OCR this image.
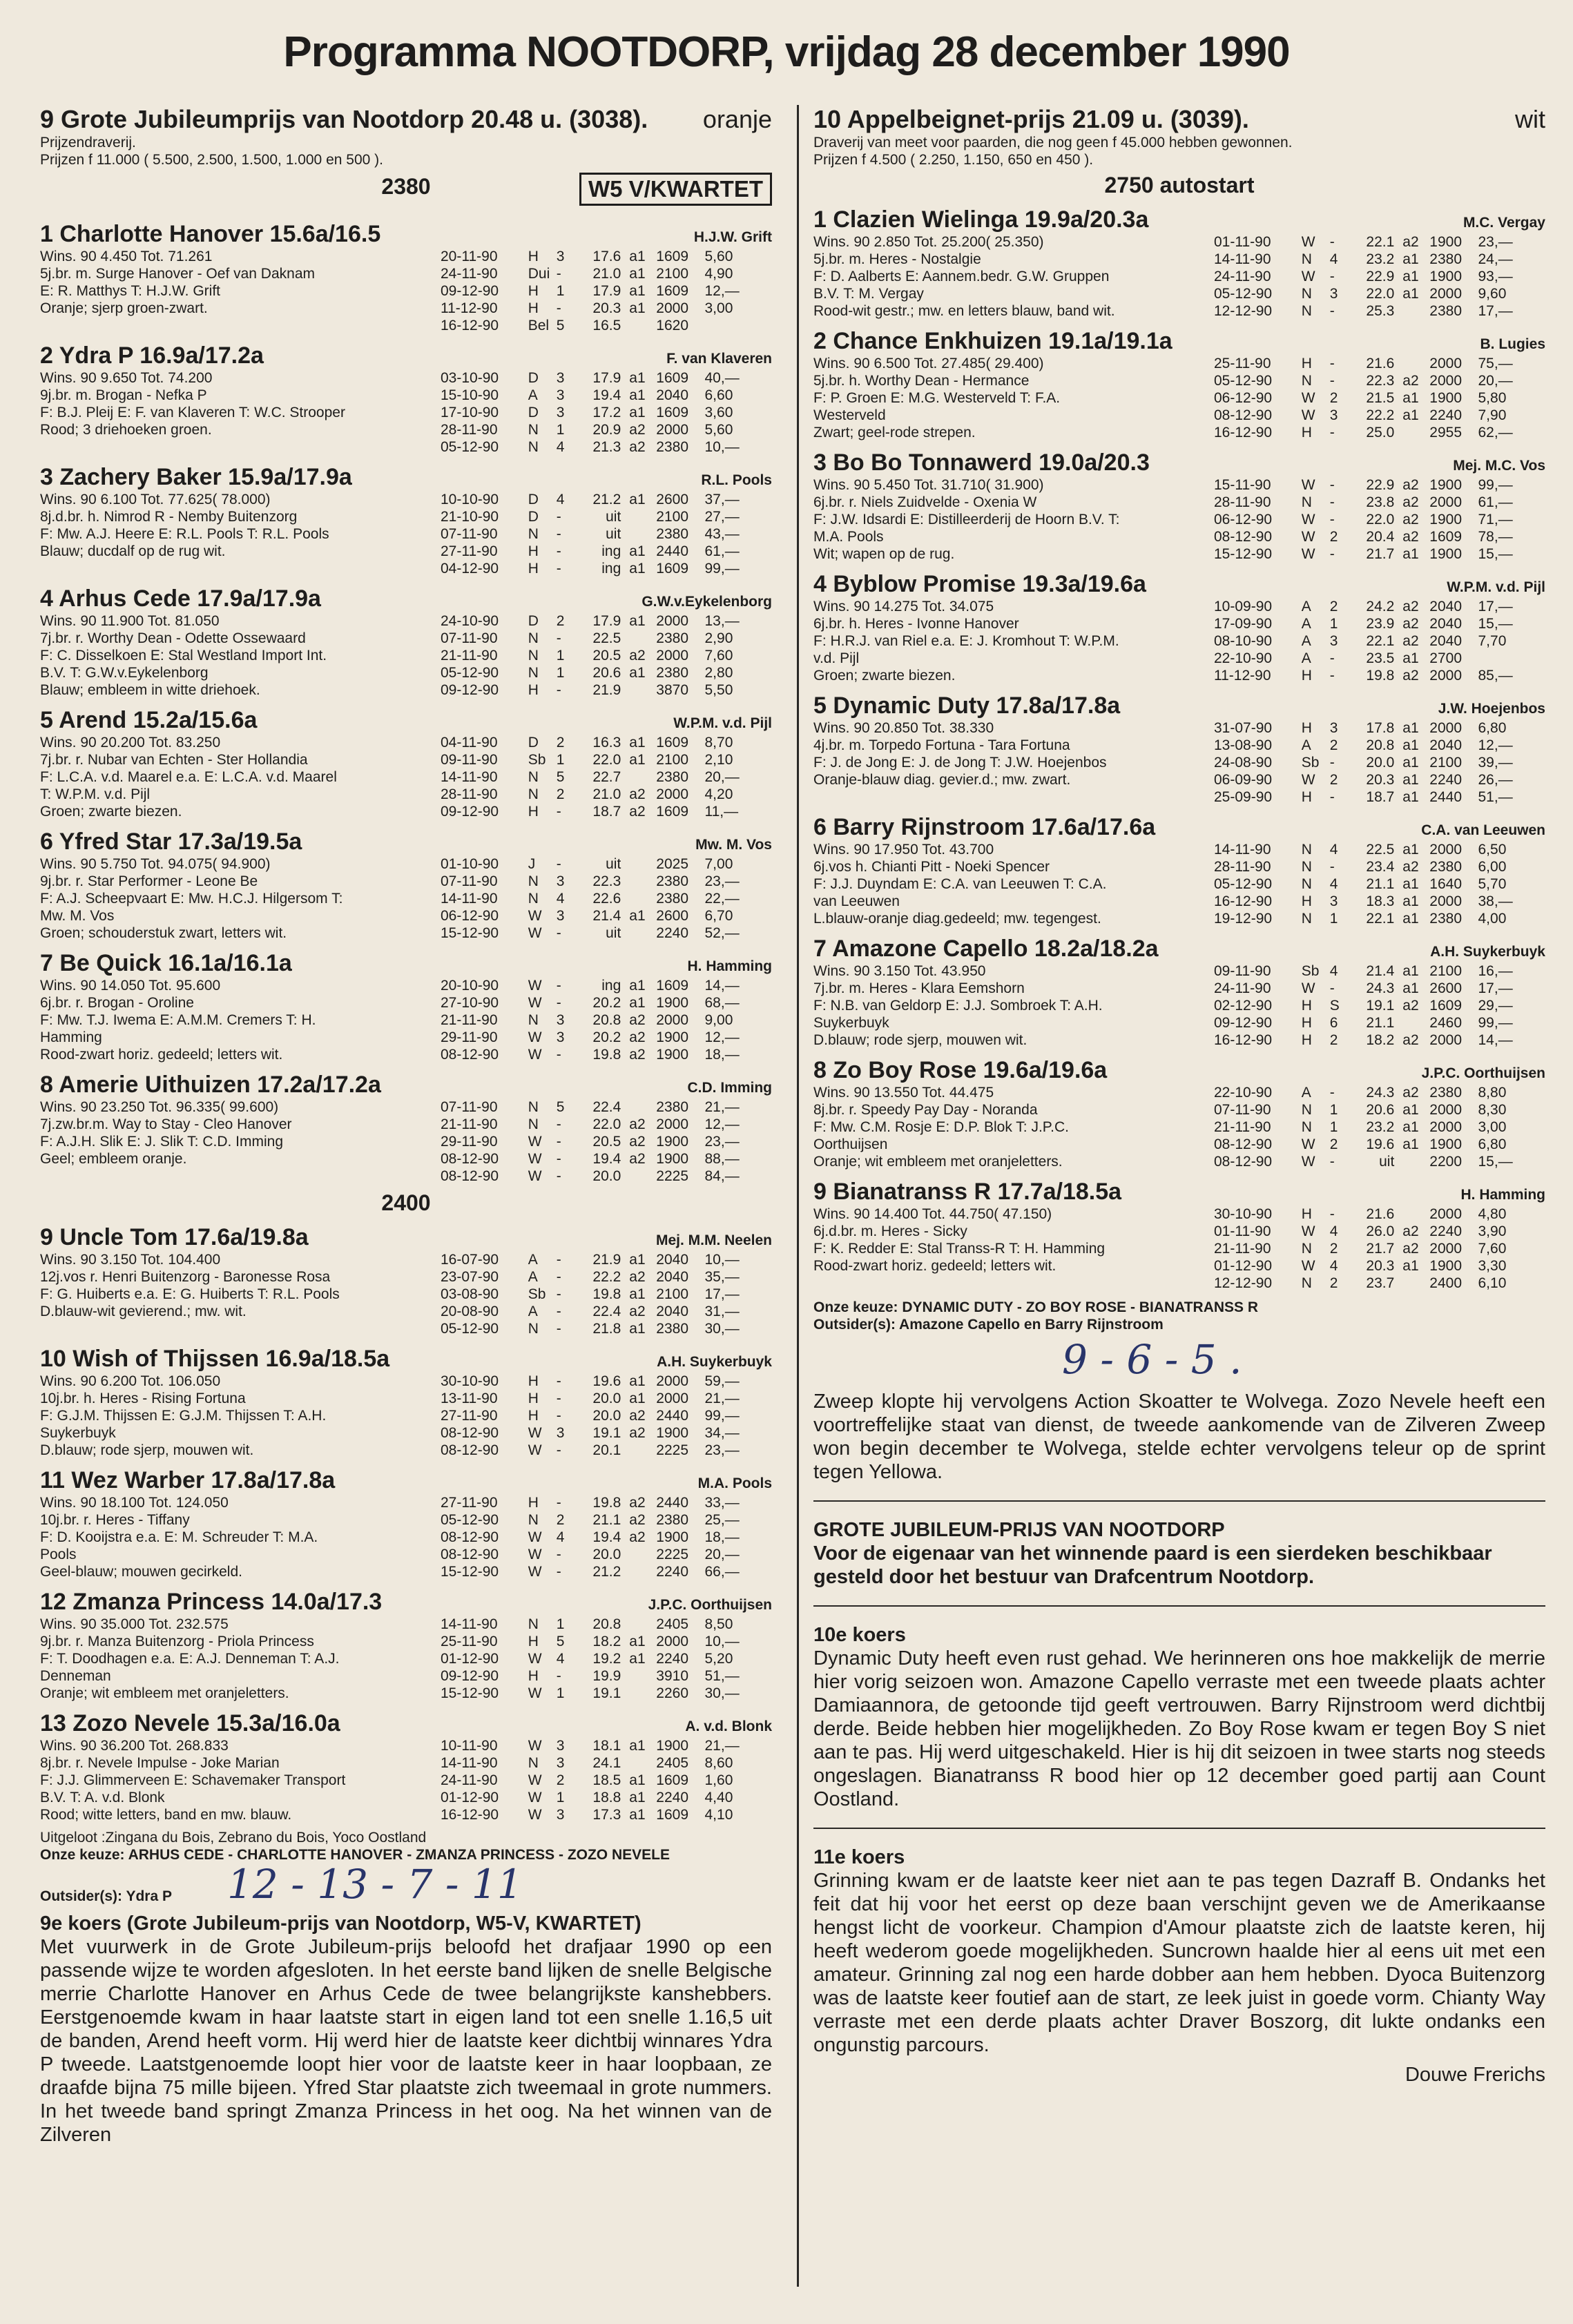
Programma NOOTDORP, vrijdag 28 december 1990
9 Grote Jubileumprijs van Nootdorp 20.48 u. (3038). oranje
Prijzendraverij.
Prijzen f 11.000 ( 5.500, 2.500, 1.500, 1.000 en 500 ).
2380	W5 V/KWARTET
1 Charlotte Hanover 15.6a/16.5	H.J.W. Grift
Wins. 90 4.450 Tot. 71.261
5j.br. m. Surge Hanover - Oef van Daknam
E: R. Matthys T: H.J.W. Grift
Oranje; sjerp groen-zwart.
20-11-90	H	3	17.6 a1 1609	5,60
24-11-90	Dui -	21.0 a1 2100	4,90
09-12-90	H	1	17.9 a1 1609	12,—
11-12-90	H	-	20.3 a1 2000	3,00
16-12-90	Bel 5	16.5	1620
2 Ydra P 16.9a/17.2a	F. van Klaveren
Wins. 90 9.650 Tot. 74.200
9j.br. m. Brogan - Nefka P
F: B.J. Pleij E: F. van Klaveren T: W.C. Strooper
Rood; 3 driehoeken groen.
03-10-90	D	3	17.9 a1 1609	40,—
15-10-90	A	3	19.4 a1 2040	6,60
17-10-90	D	3	17.2 a1 1609	3,60
28-11-90	N	1	20.9 a2 2000	5,60
05-12-90	N	4	21.3 a2 2380	10,—
3 Zachery Baker 15.9a/17.9a	R.L. Pools
Wins. 90 6.100 Tot. 77.625( 78.000)
8j.d.br. h. Nimrod R - Nemby Buitenzorg
F: Mw. A.J. Heere E: R.L. Pools T: R.L. Pools
Blauw; ducdalf op de rug wit.
10-10-90	D	4	21.2 a1 2600	37,—
21-10-90	D	-	uit	2100	27,—
07-11-90	N	-	uit	2380	43,—
27-11-90	H	-	ing a1 2440	61,—
04-12-90	H	-	ing a1 1609	99,—
4 Arhus Cede 17.9a/17.9a	G.W.v.Eykelenborg
Wins. 90 11.900 Tot. 81.050
7j.br. r. Worthy Dean - Odette Ossewaard
F: C. Disselkoen E: Stal Westland Import Int.
B.V. T: G.W.v.Eykelenborg
Blauw; embleem in witte driehoek.
24-10-90	D	2	17.9 a1 2000	13,—
07-11-90	N	-	22.5	2380	2,90
21-11-90	N	1	20.5 a2 2000	7,60
05-12-90	N	1	20.6 a1 2380	2,80
09-12-90	H	-	21.9	3870	5,50
5 Arend 15.2a/15.6a	W.P.M. v.d. Pijl
Wins. 90 20.200 Tot. 83.250
7j.br. r. Nubar van Echten - Ster Hollandia
F: L.C.A. v.d. Maarel e.a. E: L.C.A. v.d. Maarel
T: W.P.M. v.d. Pijl
Groen; zwarte biezen.
04-11-90	D	2	16.3 a1 1609	8,70
09-11-90	Sb 1	22.0 a1 2100	2,10
14-11-90	N	5	22.7	2380	20,—
28-11-90	N	2	21.0 a2 2000	4,20
09-12-90	H	-	18.7 a2 1609	11,—
6 Yfred Star 17.3a/19.5a	Mw. M. Vos
Wins. 90 5.750 Tot. 94.075( 94.900)
9j.br. r. Star Performer - Leone Be
F: A.J. Scheepvaart E: Mw. H.C.J. Hilgersom T:
Mw. M. Vos
Groen; schouderstuk zwart, letters wit.
01-10-90	J	-	uit	2025	7,00
07-11-90	N	3	22.3	2380	23,—
14-11-90	N	4	22.6	2380	22,—
06-12-90	W	3	21.4 a1 2600	6,70
15-12-90	W	-	uit	2240	52,—
7 Be Quick 16.1a/16.1a	H. Hamming
Wins. 90 14.050 Tot. 95.600
6j.br. r. Brogan - Oroline
F: Mw. T.J. Iwema E: A.M.M. Cremers T: H.
Hamming
Rood-zwart horiz. gedeeld; letters wit.
20-10-90	W	-	ing a1 1609	14,—
27-10-90	W	-	20.2 a1 1900	68,—
21-11-90	N	3	20.8 a2 2000	9,00
29-11-90	W	3	20.2 a2 1900	12,—
08-12-90	W	-	19.8 a2 1900	18,—
8 Amerie Uithuizen 17.2a/17.2a	C.D. Imming
Wins. 90 23.250 Tot. 96.335( 99.600)
7j.zw.br.m. Way to Stay - Cleo Hanover
F: A.J.H. Slik E: J. Slik T: C.D. Imming
Geel; embleem oranje.
07-11-90	N	5	22.4	2380	21,—
21-11-90	N	-	22.0 a2 2000	12,—
29-11-90	W	-	20.5 a2 1900	23,—
08-12-90	W	-	19.4 a2 1900	88,—
08-12-90	W	-	20.0	2225	84,—
2400
9 Uncle Tom 17.6a/19.8a	Mej. M.M. Neelen
Wins. 90 3.150 Tot. 104.400
12j.vos r. Henri Buitenzorg - Baronesse Rosa
F: G. Huiberts e.a. E: G. Huiberts T: R.L. Pools
D.blauw-wit gevierend.; mw. wit.
16-07-90	A	-	21.9 a1 2040	10,—
23-07-90	A	-	22.2 a2 2040	35,—
03-08-90	Sb -	19.8 a1 2100	17,—
20-08-90	A	-	22.4 a2 2040	31,—
05-12-90	N	-	21.8 a1 2380	30,—
10 Wish of Thijssen 16.9a/18.5a	A.H. Suykerbuyk
Wins. 90 6.200 Tot. 106.050
10j.br. h. Heres - Rising Fortuna
F: G.J.M. Thijssen E: G.J.M. Thijssen T: A.H.
Suykerbuyk
D.blauw; rode sjerp, mouwen wit.
30-10-90	H	-	19.6 a1 2000	59,—
13-11-90	H	-	20.0 a1 2000	21,—
27-11-90	H	-	20.0 a2 2440	99,—
08-12-90	W	3	19.1 a2 1900	34,—
08-12-90	W	-	20.1	2225	23,—
11 Wez Warber 17.8a/17.8a	M.A. Pools
Wins. 90 18.100 Tot. 124.050
10j.br. r. Heres - Tiffany
F: D. Kooijstra e.a. E: M. Schreuder T: M.A.
Pools
Geel-blauw; mouwen gecirkeld.
27-11-90	H	-	19.8 a2 2440	33,—
05-12-90	N	2	21.1 a2 2380	25,—
08-12-90	W	4	19.4 a2 1900	18,—
08-12-90	W	-	20.0	2225	20,—
15-12-90	W	-	21.2	2240	66,—
12 Zmanza Princess 14.0a/17.3	J.P.C. Oorthuijsen
Wins. 90 35.000 Tot. 232.575
9j.br. r. Manza Buitenzorg - Priola Princess
F: T. Doodhagen e.a. E: A.J. Denneman T: A.J.
Denneman
Oranje; wit embleem met oranjeletters.
14-11-90	N	1	20.8	2405	8,50
25-11-90	H	5	18.2 a1 2000	10,—
01-12-90	W	4	19.2 a1 2240	5,20
09-12-90	H	-	19.9	3910	51,—
15-12-90	W	1	19.1	2260	30,—
13 Zozo Nevele 15.3a/16.0a	A. v.d. Blonk
Wins. 90 36.200 Tot. 268.833
8j.br. r. Nevele Impulse - Joke Marian
F: J.J. Glimmerveen E: Schavemaker Transport
B.V. T: A. v.d. Blonk
Rood; witte letters, band en mw. blauw.
10-11-90	W	3	18.1 a1 1900	21,—
14-11-90	N	3	24.1	2405	8,60
24-11-90	W	2	18.5 a1 1609	1,60
01-12-90	W	1	18.8 a1 2240	4,40
16-12-90	W	3	17.3 a1 1609	4,10
Uitgeloot :Zingana du Bois, Zebrano du Bois, Yoco Oostland
Onze keuze: ARHUS CEDE - CHARLOTTE HANOVER - ZMANZA PRINCESS - ZOZO NEVELE
Outsider(s): Ydra P 12 - 13 - 7 - 11
9e koers (Grote Jubileum-prijs van Nootdorp, W5-V, KWARTET)
Met vuurwerk in de Grote Jubileum-prijs beloofd het drafjaar 1990 op een passende wijze te worden afgesloten. In het eerste band lijken de snelle Belgische merrie Charlotte Hanover en Arhus Cede de twee belangrijkste kanshebbers. Eerstgenoemde kwam in haar laatste start in eigen land tot een snelle 1.16,5 uit de banden, Arend heeft vorm. Hij werd hier de laatste keer dichtbij winnares Ydra P tweede. Laatstgenoemde loopt hier voor de laatste keer in haar loopbaan, ze draafde bijna 75 mille bijeen. Yfred Star plaatste zich tweemaal in grote nummers. In het tweede band springt Zmanza Princess in het oog. Na het winnen van de Zilveren
10 Appelbeignet-prijs 21.09 u. (3039).	wit
Draverij van meet voor paarden, die nog geen f 45.000 hebben gewonnen.
Prijzen f 4.500 ( 2.250, 1.150, 650 en 450 ).
2750 autostart
1 Clazien Wielinga 19.9a/20.3a	M.C. Vergay
Wins. 90 2.850 Tot. 25.200( 25.350)
5j.br. m. Heres - Nostalgie
F: D. Aalberts E: Aannem.bedr. G.W. Gruppen
B.V. T: M. Vergay
Rood-wit gestr.; mw. en letters blauw, band wit.
01-11-90	W	-	22.1 a2 1900	23,—
14-11-90	N	4	23.2 a1 2380	24,—
24-11-90	W	-	22.9 a1 1900	93,—
05-12-90	N	3	22.0 a1 2000	9,60
12-12-90	N	-	25.3	2380	17,—
2 Chance Enkhuizen 19.1a/19.1a	B. Lugies
Wins. 90 6.500 Tot. 27.485( 29.400)
5j.br. h. Worthy Dean - Hermance
F: P. Groen E: M.G. Westerveld T: F.A.
Westerveld
Zwart; geel-rode strepen.
25-11-90	H	-	21.6	2000	75,—
05-12-90	N	-	22.3 a2 2000	20,—
06-12-90	W	2	21.5 a1 1900	5,80
08-12-90	W	3	22.2 a1 2240	7,90
16-12-90	H	-	25.0	2955	62,—
3 Bo Bo Tonnawerd 19.0a/20.3	Mej. M.C. Vos
Wins. 90 5.450 Tot. 31.710( 31.900)
6j.br. r. Niels Zuidvelde - Oxenia W
F: J.W. Idsardi E: Distilleerderij de Hoorn B.V. T:
M.A. Pools
Wit; wapen op de rug.
15-11-90	W	-	22.9 a2 1900	99,—
28-11-90	N	-	23.8 a2 2000	61,—
06-12-90	W	-	22.0 a2 1900	71,—
08-12-90	W	2	20.4 a2 1609	78,—
15-12-90	W	-	21.7 a1 1900	15,—
4 Byblow Promise 19.3a/19.6a	W.P.M. v.d. Pijl
Wins. 90 14.275 Tot. 34.075
6j.br. h. Heres - Ivonne Hanover
F: H.R.J. van Riel e.a. E: J. Kromhout T: W.P.M.
v.d. Pijl
Groen; zwarte biezen.
10-09-90	A	2	24.2 a2 2040	17,—
17-09-90	A	1	23.9 a2 2040	15,—
08-10-90	A	3	22.1 a2 2040	7,70
22-10-90	A	-	23.5 a1 2700
11-12-90	H	-	19.8 a2 2000	85,—
5 Dynamic Duty 17.8a/17.8a	J.W. Hoejenbos
Wins. 90 20.850 Tot. 38.330
4j.br. m. Torpedo Fortuna - Tara Fortuna
F: J. de Jong E: J. de Jong T: J.W. Hoejenbos
Oranje-blauw diag. gevier.d.; mw. zwart.
31-07-90	H	3	17.8 a1 2000	6,80
13-08-90	A	2	20.8 a1 2040	12,—
24-08-90	Sb -	20.0 a1 2100	39,—
06-09-90	W	2	20.3 a1 2240	26,—
25-09-90	H	-	18.7 a1 2440	51,—
6 Barry Rijnstroom 17.6a/17.6a	C.A. van Leeuwen
Wins. 90 17.950 Tot. 43.700
6j.vos h. Chianti Pitt - Noeki Spencer
F: J.J. Duyndam E: C.A. van Leeuwen T: C.A.
van Leeuwen
L.blauw-oranje diag.gedeeld; mw. tegengest.
14-11-90	N	4	22.5 a1 2000	6,50
28-11-90	N	-	23.4 a2 2380	6,00
05-12-90	N	4	21.1 a1 1640	5,70
16-12-90	H	3	18.3 a1 2000	38,—
19-12-90	N	1	22.1 a1 2380	4,00
7 Amazone Capello 18.2a/18.2a	A.H. Suykerbuyk
Wins. 90 3.150 Tot. 43.950
7j.br. m. Heres - Klara Eemshorn
F: N.B. van Geldorp E: J.J. Sombroek T: A.H.
Suykerbuyk
D.blauw; rode sjerp, mouwen wit.
09-11-90	Sb 4	21.4 a1 2100	16,—
24-11-90	W	-	24.3 a1 2600	17,—
02-12-90	H	S	19.1 a2 1609	29,—
09-12-90	H	6	21.1	2460	99,—
16-12-90	H	2	18.2 a2 2000	14,—
8 Zo Boy Rose 19.6a/19.6a	J.P.C. Oorthuijsen
Wins. 90 13.550 Tot. 44.475
8j.br. r. Speedy Pay Day - Noranda
F: Mw. C.M. Rosje E: D.P. Blok T: J.P.C.
Oorthuijsen
Oranje; wit embleem met oranjeletters.
22-10-90	A	-	24.3 a2 2380	8,80
07-11-90	N	1	20.6 a1 2000	8,30
21-11-90	N	1	23.2 a1 2000	3,00
08-12-90	W	2	19.6 a1 1900	6,80
08-12-90	W	-	uit	2200	15,—
9 Bianatranss R 17.7a/18.5a	H. Hamming
Wins. 90 14.400 Tot. 44.750( 47.150)
6j.d.br. m. Heres - Sicky
F: K. Redder E: Stal Transs-R T: H. Hamming
Rood-zwart horiz. gedeeld; letters wit.
30-10-90	H	-	21.6	2000	4,80
01-11-90	W	4	26.0 a2 2240	3,90
21-11-90	N	2	21.7 a2 2000	7,60
01-12-90	W	4	20.3 a1 1900	3,30
12-12-90	N	2	23.7	2400	6,10
Onze keuze: DYNAMIC DUTY - ZO BOY ROSE - BIANATRANSS R
Outsider(s): Amazone Capello en Barry Rijnstroom
9 - 6 - 5 .
Zweep klopte hij vervolgens Action Skoatter te Wolvega. Zozo Nevele heeft een voortreffelijke staat van dienst, de tweede aankomende van de Zilveren Zweep won begin december te Wolvega, stelde echter vervolgens teleur op de sprint tegen Yellowa.
GROTE JUBILEUM-PRIJS VAN NOOTDORP
Voor de eigenaar van het winnende paard is een sierdeken beschikbaar gesteld door het bestuur van Drafcentrum Nootdorp.
10e koers
Dynamic Duty heeft even rust gehad. We herinneren ons hoe makkelijk de merrie hier vorig seizoen won. Amazone Capello verraste met een tweede plaats achter Damiaannora, de getoonde tijd geeft vertrouwen. Barry Rijnstroom werd dichtbij derde. Beide hebben hier mogelijkheden. Zo Boy Rose kwam er tegen Boy S niet aan te pas. Hij werd uitgeschakeld. Hier is hij dit seizoen in twee starts nog steeds ongeslagen. Bianatranss R bood hier op 12 december goed partij aan Count Oostland.
11e koers
Grinning kwam er de laatste keer niet aan te pas tegen Dazraff B. Ondanks het feit dat hij voor het eerst op deze baan verschijnt geven we de Amerikaanse hengst licht de voorkeur. Champion d'Amour plaatste zich de laatste keren, hij heeft wederom goede mogelijkheden. Suncrown haalde hier al eens uit met een amateur. Grinning zal nog een harde dobber aan hem hebben. Dyoca Buitenzorg was de laatste keer foutief aan de start, ze leek juist in goede vorm. Chianty Way verraste met een derde plaats achter Draver Boszorg, dit lukte ondanks een ongunstig parcours.
Douwe Frerichs
